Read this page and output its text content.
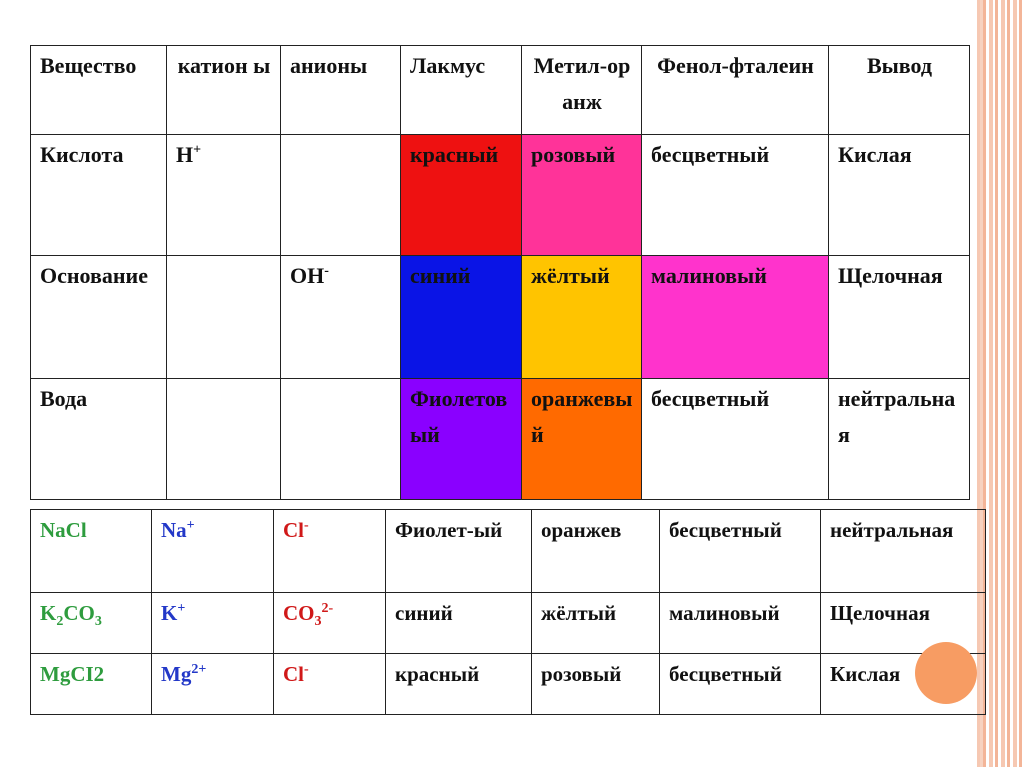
Вещество	катион ы	анионы	Лакмус	Метил-оранж	Фенол-фталеин	Вывод
Кислота	H+		красный	розовый	бесцветный	Кислая
Основание		OH-	синий	жёлтый	малиновый	Щелочная
Вода			Фиолетовый	оранжевый	бесцветный	нейтральная
NaCl	Na+	Cl-	Фиолет-ый	оранжев	бесцветный	нейтральная
$K_2CO_3$	K+	$CO_3^{2-}$	синий	жёлтый	малиновый	Щелочная
MgCI2	$Mg^{2+}$	Cl-	красный	розовый	бесцветный	Кислая
